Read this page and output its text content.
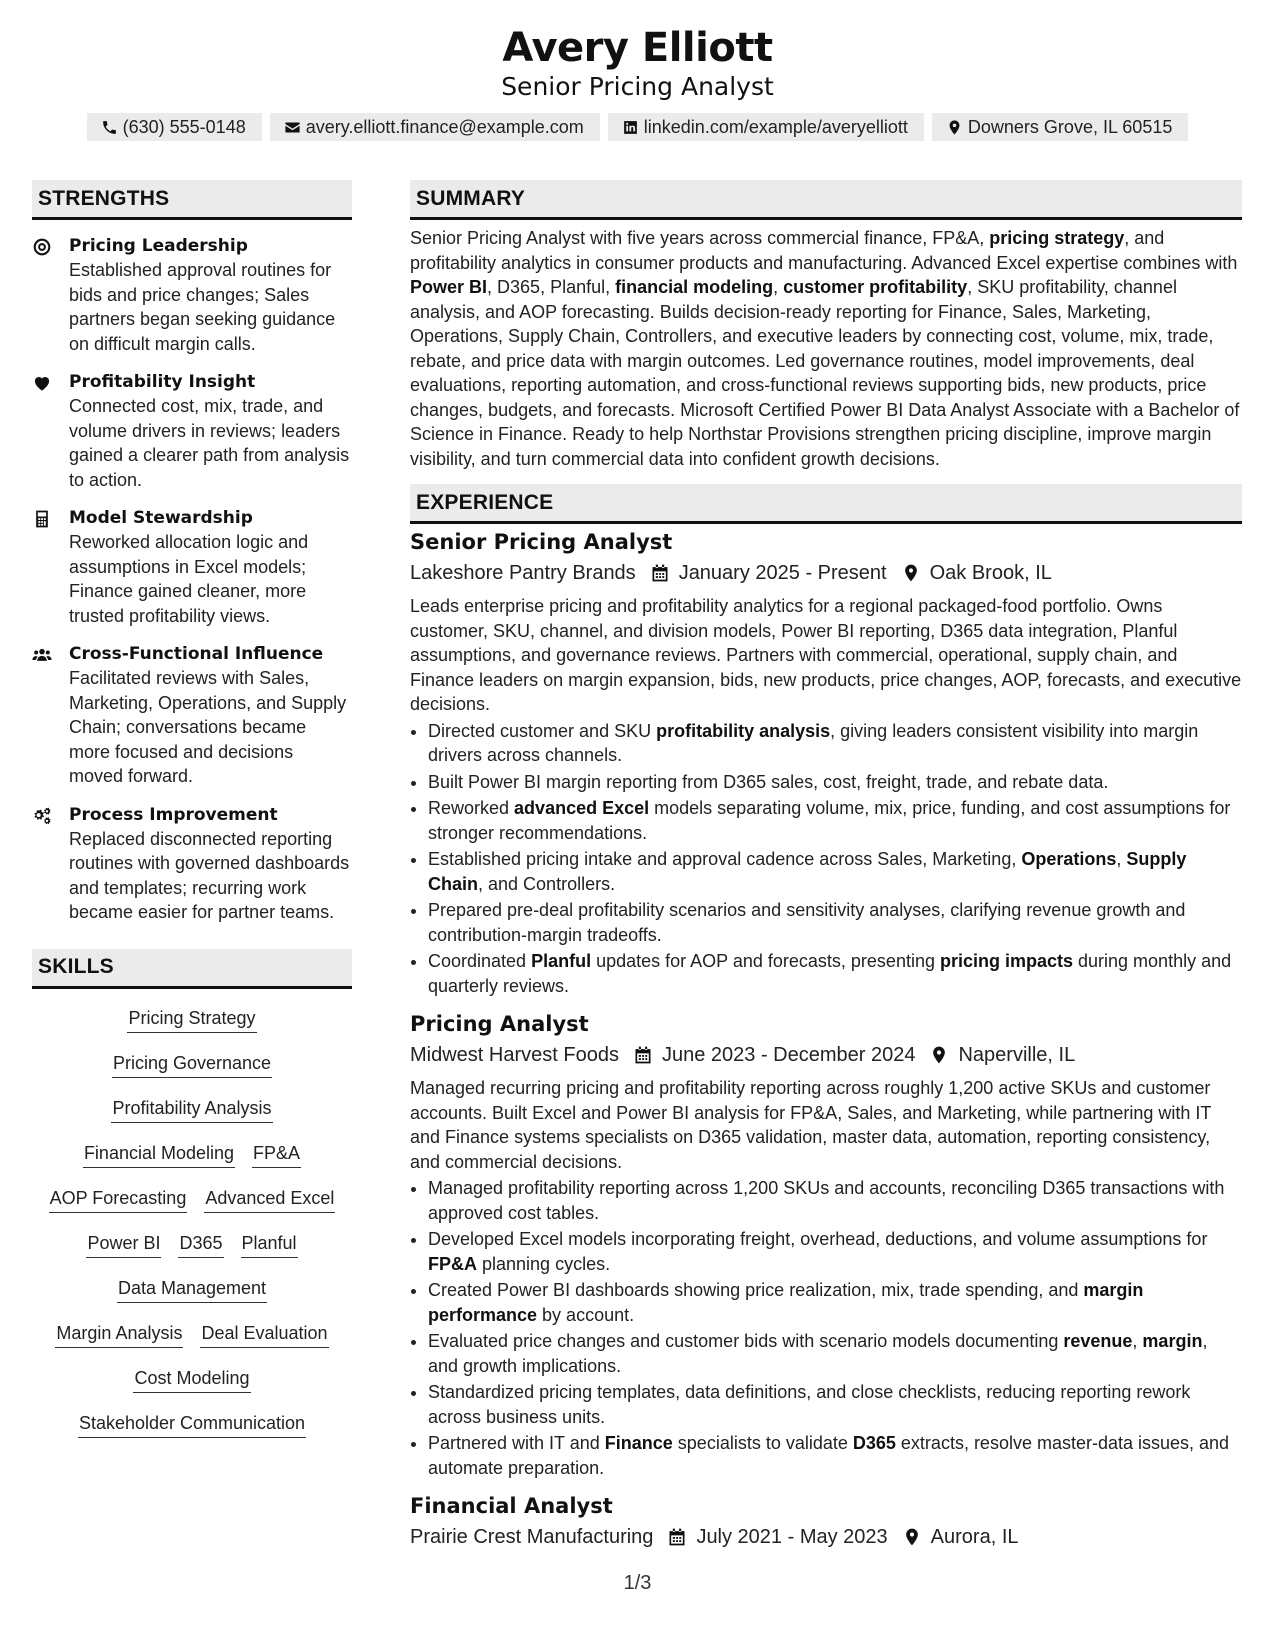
Avery Elliott
Senior Pricing Analyst
(630) 555-0148	avery.elliott.finance@example.com	linkedin.com/example/averyelliott	Downers Grove, IL 60515
STRENGTHS
Pricing Leadership
Established approval routines for bids and price changes; Sales partners began seeking guidance on difficult margin calls.
Profitability Insight
Connected cost, mix, trade, and volume drivers in reviews; leaders gained a clearer path from analysis to action.
Model Stewardship
Reworked allocation logic and assumptions in Excel models; Finance gained cleaner, more trusted profitability views.
Cross-Functional Influence
Facilitated reviews with Sales, Marketing, Operations, and Supply Chain; conversations became more focused and decisions moved forward.
Process Improvement
Replaced disconnected reporting routines with governed dashboards and templates; recurring work became easier for partner teams.
SKILLS
Pricing Strategy
Pricing Governance
Profitability Analysis
Financial Modeling FP&A
AOP Forecasting Advanced Excel
Power BI D365 Planful
Data Management
Margin Analysis Deal Evaluation
Cost Modeling
Stakeholder Communication
SUMMARY
Senior Pricing Analyst with five years across commercial finance, FP&A, pricing strategy, and profitability analytics in consumer products and manufacturing. Advanced Excel expertise combines with Power BI, D365, Planful, financial modeling, customer profitability, SKU profitability, channel analysis, and AOP forecasting. Builds decision-ready reporting for Finance, Sales, Marketing, Operations, Supply Chain, Controllers, and executive leaders by connecting cost, volume, mix, trade, rebate, and price data with margin outcomes. Led governance routines, model improvements, deal evaluations, reporting automation, and cross-functional reviews supporting bids, new products, price changes, budgets, and forecasts. Microsoft Certified Power BI Data Analyst Associate with a Bachelor of Science in Finance. Ready to help Northstar Provisions strengthen pricing discipline, improve margin visibility, and turn commercial data into confident growth decisions.
EXPERIENCE
Senior Pricing Analyst
Lakeshore Pantry Brands January 2025 - Present Oak Brook, IL
Leads enterprise pricing and profitability analytics for a regional packaged-food portfolio. Owns customer, SKU, channel, and division models, Power BI reporting, D365 data integration, Planful assumptions, and governance reviews. Partners with commercial, operational, supply chain, and Finance leaders on margin expansion, bids, new products, price changes, AOP, forecasts, and executive decisions.
• Directed customer and SKU profitability analysis, giving leaders consistent visibility into margin drivers across channels.
• Built Power BI margin reporting from D365 sales, cost, freight, trade, and rebate data.
• Reworked advanced Excel models separating volume, mix, price, funding, and cost assumptions for stronger recommendations.
• Established pricing intake and approval cadence across Sales, Marketing, Operations, Supply Chain, and Controllers.
• Prepared pre-deal profitability scenarios and sensitivity analyses, clarifying revenue growth and contribution-margin tradeoffs.
• Coordinated Planful updates for AOP and forecasts, presenting pricing impacts during monthly and quarterly reviews.
Pricing Analyst
Midwest Harvest Foods June 2023 - December 2024 Naperville, IL
Managed recurring pricing and profitability reporting across roughly 1,200 active SKUs and customer accounts. Built Excel and Power BI analysis for FP&A, Sales, and Marketing, while partnering with IT and Finance systems specialists on D365 validation, master data, automation, reporting consistency, and commercial decisions.
• Managed profitability reporting across 1,200 SKUs and accounts, reconciling D365 transactions with approved cost tables.
• Developed Excel models incorporating freight, overhead, deductions, and volume assumptions for FP&A planning cycles.
• Created Power BI dashboards showing price realization, mix, trade spending, and margin performance by account.
• Evaluated price changes and customer bids with scenario models documenting revenue, margin, and growth implications.
• Standardized pricing templates, data definitions, and close checklists, reducing reporting rework across business units.
• Partnered with IT and Finance specialists to validate D365 extracts, resolve master-data issues, and automate preparation.
Financial Analyst
Prairie Crest Manufacturing July 2021 - May 2023 Aurora, IL
1/3
